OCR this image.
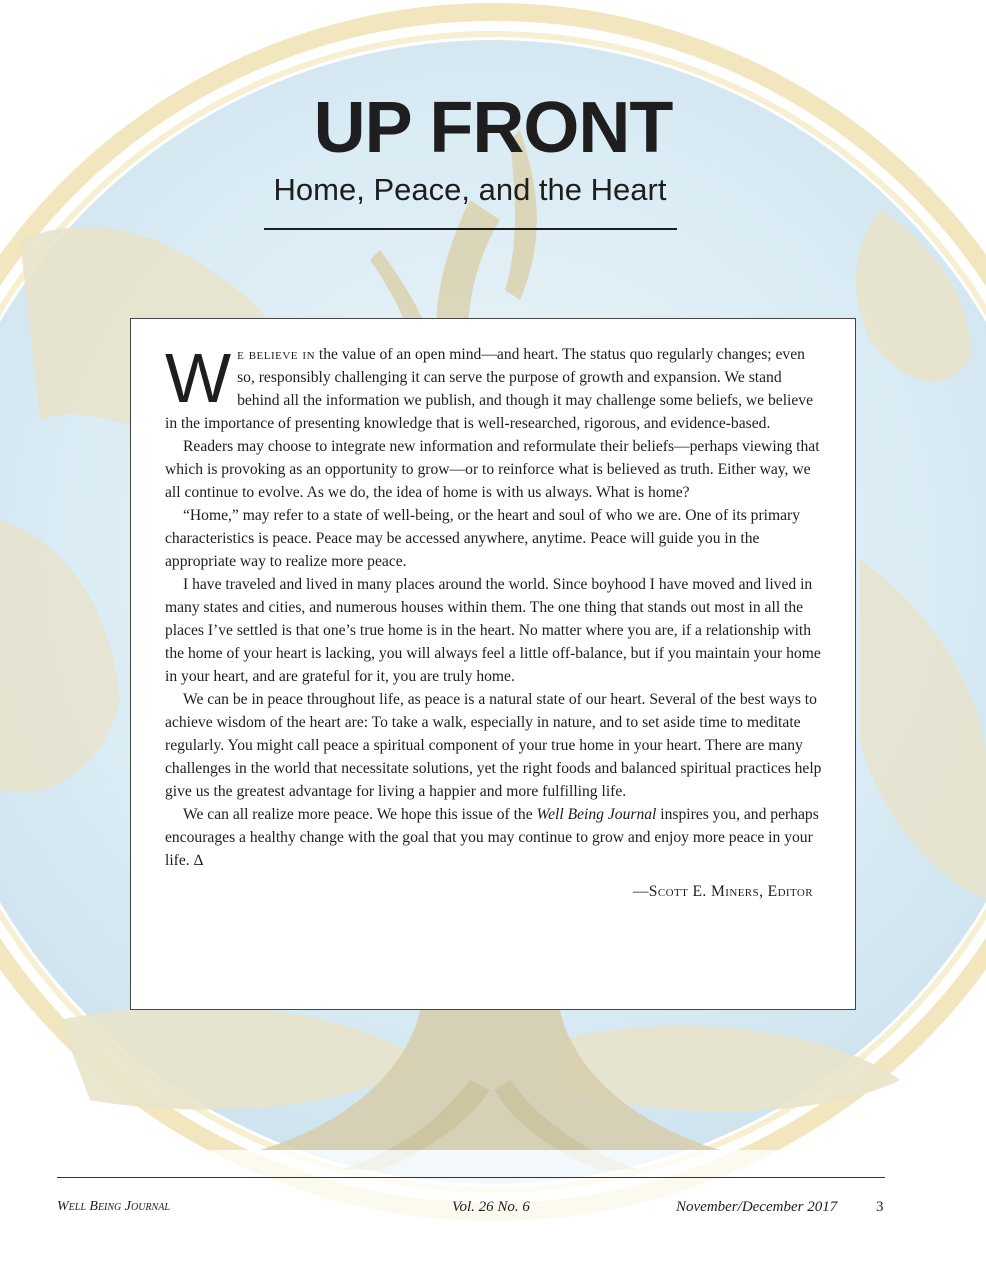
UP FRONT
Home, Peace, and the Heart

We believe in the value of an open mind—and heart. The status quo regularly changes; even so, responsibly challenging it can serve the purpose of growth and expansion. We stand behind all the information we publish, and though it may challenge some beliefs, we believe in the importance of presenting knowledge that is well-researched, rigorous, and evidence-based.

Readers may choose to integrate new information and reformulate their beliefs—perhaps viewing that which is provoking as an opportunity to grow—or to reinforce what is believed as truth. Either way, we all continue to evolve. As we do, the idea of home is with us always. What is home?

“Home,” may refer to a state of well-being, or the heart and soul of who we are. One of its primary characteristics is peace. Peace may be accessed anywhere, anytime. Peace will guide you in the appropriate way to realize more peace.

I have traveled and lived in many places around the world. Since boyhood I have moved and lived in many states and cities, and numerous houses within them. The one thing that stands out most in all the places I’ve settled is that one’s true home is in the heart. No matter where you are, if a relationship with the home of your heart is lacking, you will always feel a little off-balance, but if you maintain your home in your heart, and are grateful for it, you are truly home.

We can be in peace throughout life, as peace is a natural state of our heart. Several of the best ways to achieve wisdom of the heart are: To take a walk, especially in nature, and to set aside time to meditate regularly. You might call peace a spiritual component of your true home in your heart. There are many challenges in the world that necessitate solutions, yet the right foods and balanced spiritual practices help give us the greatest advantage for living a happier and more fulfilling life.

We can all realize more peace. We hope this issue of the Well Being Journal inspires you, and perhaps encourages a healthy change with the goal that you may continue to grow and enjoy more peace in your life. ∆

—Scott E. Miners, Editor
Well Being Journal	Vol. 26 No. 6	November/December 2017	3
